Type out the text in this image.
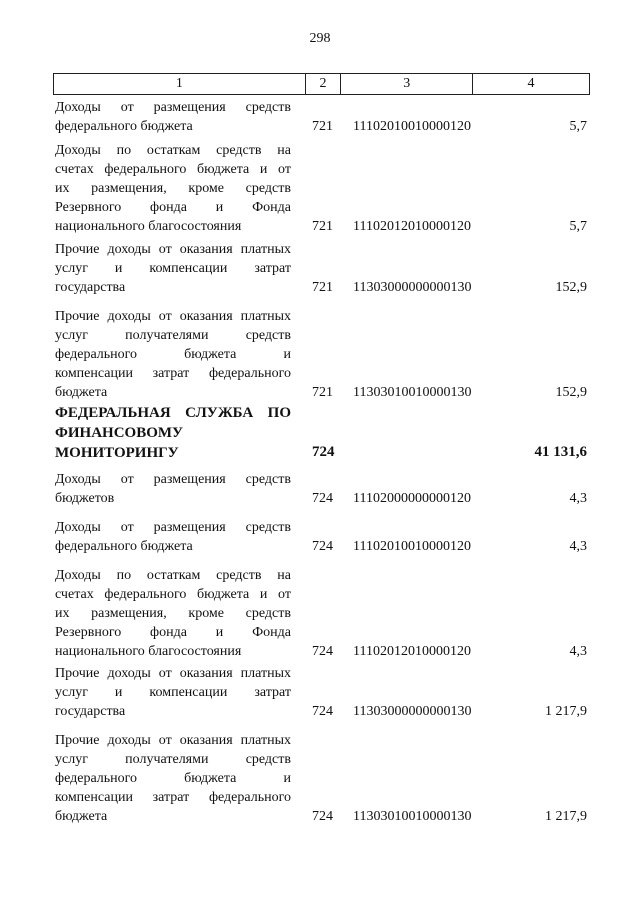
298
1	2	3	4
Доходы от размещения средств
федерального бюджета	721 11102010010000120	5,7
Доходы по остаткам средств на
счетах федерального бюджета и от
их размещения, кроме средств
Резервного фонда и Фонда
национального благосостояния	721 11102012010000120	5,7
Прочие доходы от оказания платных
услуг и компенсации затрат
государства	721 11303000000000130	152,9
Прочие доходы от оказания платных
услуг получателями средств
федерального бюджета и
компенсации затрат федерального
бюджета	721 11303010010000130	152,9
ФЕДЕРАЛЬНАЯ СЛУЖБА ПО
ФИНАНСОВОМУ
МОНИТОРИНГУ	724	41 131,6
Доходы от размещения средств
бюджетов	724 11102000000000120	4,3
Доходы от размещения средств
федерального бюджета	724 11102010010000120	4,3
Доходы по остаткам средств на
счетах федерального бюджета и от
их размещения, кроме средств
Резервного фонда и Фонда
национального благосостояния	724 11102012010000120	4,3
Прочие доходы от оказания платных
услуг и компенсации затрат
государства	724 11303000000000130	1 217,9
Прочие доходы от оказания платных
услуг получателями средств
федерального бюджета и
компенсации затрат федерального
бюджета	724 11303010010000130	1 217,9
